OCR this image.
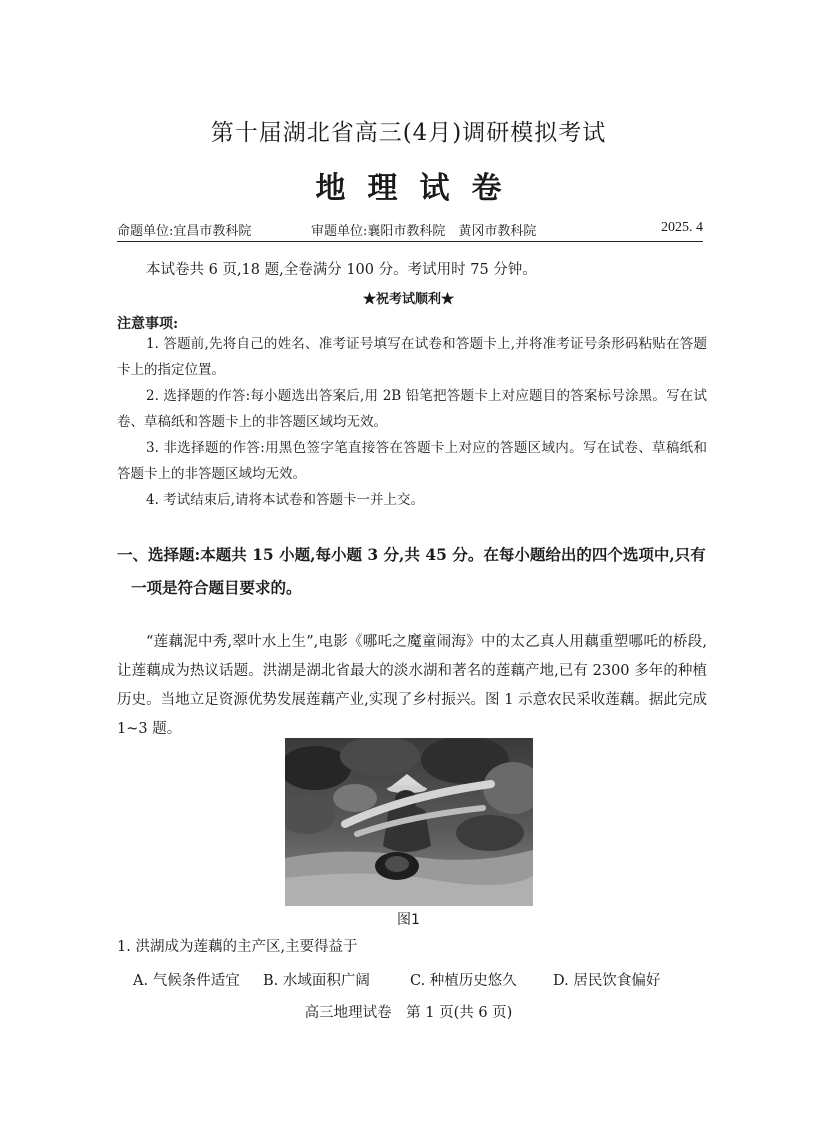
第十届湖北省高三(4月)调研模拟考试
地理试卷
命题单位:宜昌市教科院	审题单位:襄阳市教科院　黄冈市教科院	2025. 4
本试卷共 6 页,18 题,全卷满分 100 分。考试用时 75 分钟。
★祝考试顺利★
注意事项:
1. 答题前,先将自己的姓名、准考证号填写在试卷和答题卡上,并将准考证号条形码粘贴在答题卡上的指定位置。
2. 选择题的作答:每小题选出答案后,用 2B 铅笔把答题卡上对应题目的答案标号涂黑。写在试卷、草稿纸和答题卡上的非答题区域均无效。
3. 非选择题的作答:用黑色签字笔直接答在答题卡上对应的答题区域内。写在试卷、草稿纸和答题卡上的非答题区域均无效。
4. 考试结束后,请将本试卷和答题卡一并上交。
一、选择题:本题共 15 小题,每小题 3 分,共 45 分。在每小题给出的四个选项中,只有
一项是符合题目要求的。
“莲藕泥中秀,翠叶水上生”,电影《哪吒之魔童闹海》中的太乙真人用藕重塑哪吒的桥段,让莲藕成为热议话题。洪湖是湖北省最大的淡水湖和著名的莲藕产地,已有 2300 多年的种植历史。当地立足资源优势发展莲藕产业,实现了乡村振兴。图 1 示意农民采收莲藕。据此完成 1~3 题。
图1
1. 洪湖成为莲藕的主产区,主要得益于
A. 气候条件适宜 B. 水域面积广阔	C. 种植历史悠久 D. 居民饮食偏好
高三地理试卷　第 1 页(共 6 页)
